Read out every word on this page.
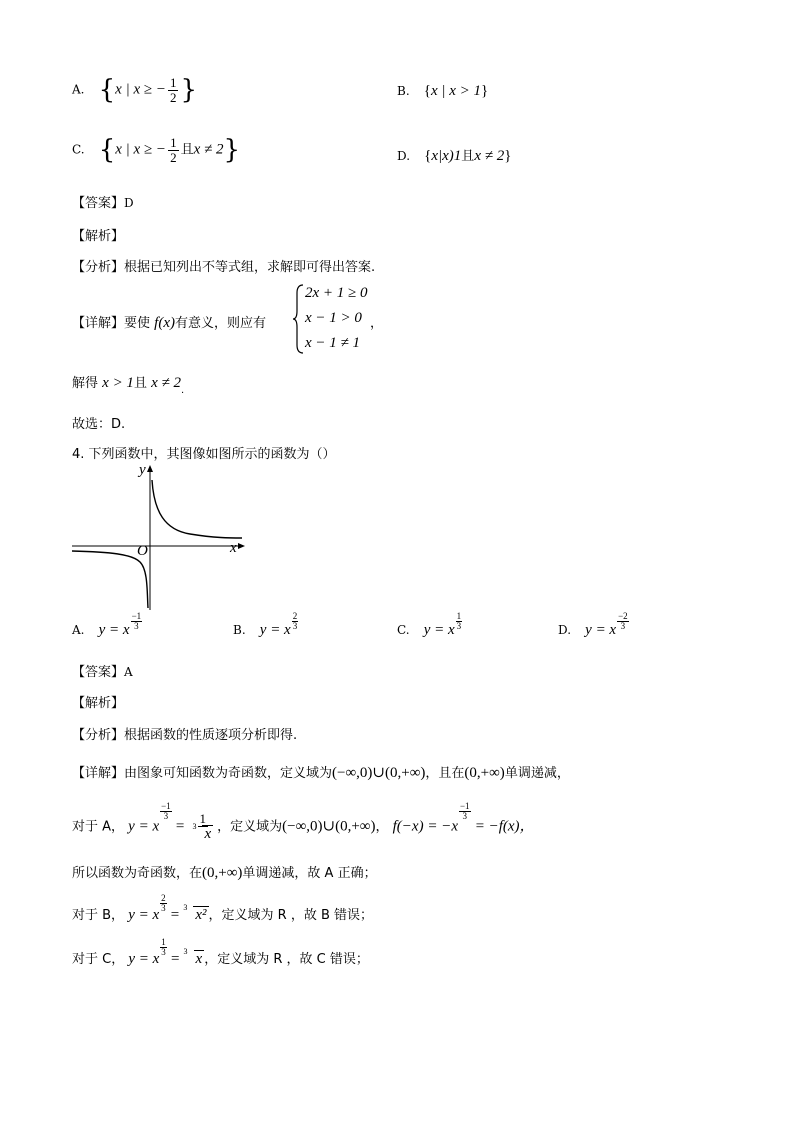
A. {x | x ≥ − $\frac{1}{2}$ }	B. {x | x > 1}
C. {x | x ≥ − $\frac{1}{2}$ 且x ≠ 2}	D. {x|x)1且x ≠ 2}
【答案】D
【解析】
【分析】根据已知列出不等式组，求解即可得出答案.
【详解】要使 f(x)有意义，则应有
2x + 1 ≥ 0
x − 1 > 0
x − 1 ≠ 1
，
解得 x > 1且 $x \ne 2_.$
故选：D.
4. 下列函数中，其图像如图所示的函数为（）
y
x
O
A. y = x $\frac{-1}{3}$	B. y = x $\frac{2}{3}$	C. y = x $\frac{1}{3}$	D. y = x $\frac{-2}{3}$
【答案】A
【解析】
【分析】根据函数的性质逐项分析即得.
【详解】由图象可知函数为奇函数，定义域为(−∞,0)∪(0,+∞)，且在(0,+∞)单调递减，
对于 A， y = x
$\frac{-1}{3}$
= $\frac{1}{3 x}$ ，定义域为(−∞,0)∪(0,+∞)， f(−x) = −x
$\frac{-1}{3}$
= −f(x)，
所以函数为奇函数，在(0,+∞)单调递减，故 A 正确；
对于 B， y = x
$\frac{2}{3}$
= 3 x² ，定义域为 R ，故 B 错误；
对于 C， y = x
$\frac{1}{3}$
= 3 x ，定义域为 R ，故 C 错误；
